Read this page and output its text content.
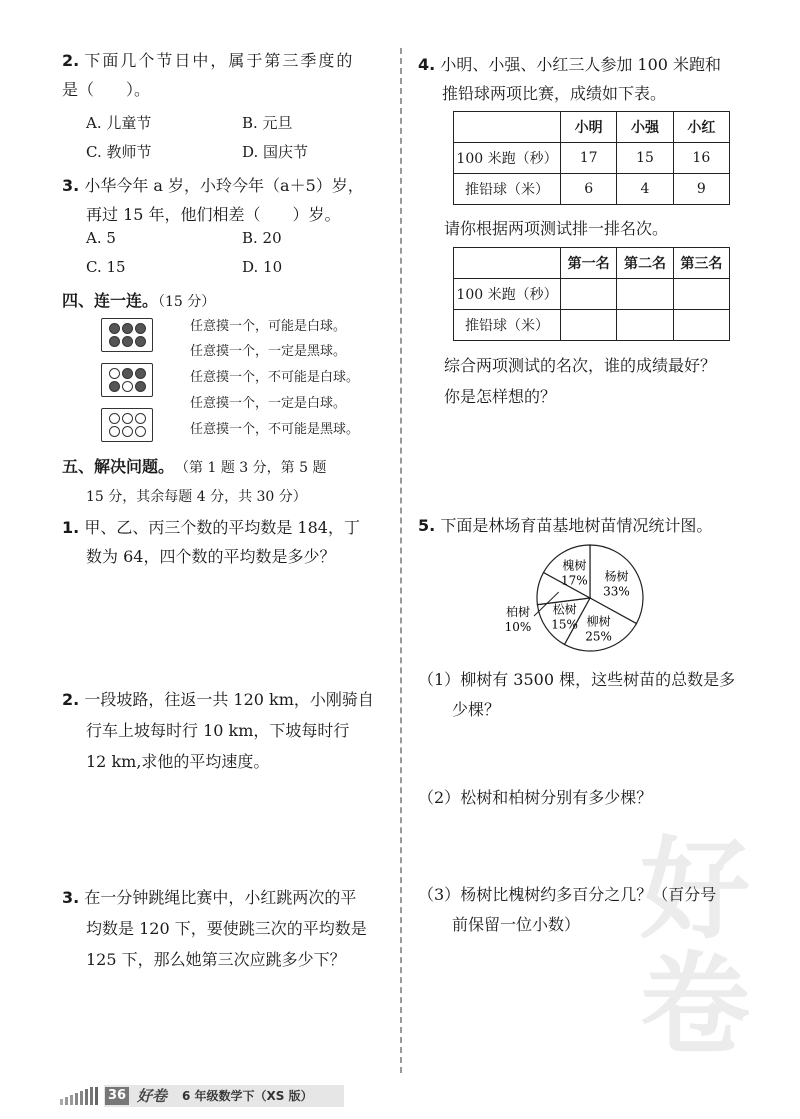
好
卷
2. 下面几个节日中，属于第三季度的
是（　　）。
A. 儿童节	B. 元旦
C. 教师节	D. 国庆节
3. 小华今年 a 岁，小玲今年（a＋5）岁，
再过 15 年，他们相差（　　）岁。
A. 5	B. 20
C. 15	D. 10
四、连一连。（15 分）
任意摸一个，可能是白球。
任意摸一个，一定是黑球。
任意摸一个，不可能是白球。
任意摸一个，一定是白球。
任意摸一个，不可能是黑球。
五、解决问题。 （第 1 题 3 分，第 5 题
15 分，其余每题 4 分，共 30 分）
1. 甲、乙、丙三个数的平均数是 184，丁
数为 64，四个数的平均数是多少？
2. 一段坡路，往返一共 120 km，小刚骑自
行车上坡每时行 10 km，下坡每时行
12 km,求他的平均速度。
3. 在一分钟跳绳比赛中，小红跳两次的平
均数是 120 下，要使跳三次的平均数是
125 下，那么她第三次应跳多少下？
4. 小明、小强、小红三人参加 100 米跑和
推铅球两项比赛，成绩如下表。
	小明	小强	小红
100 米跑（秒）	17	15	16
推铅球（米）	6	4	9
请你根据两项测试排一排名次。
	第一名	第二名	第三名
100 米跑（秒）			
推铅球（米）			
综合两项测试的名次，谁的成绩最好？
你是怎样想的？
5. 下面是林场育苗基地树苗情况统计图。
杨树
33%
柳树
25%
松树
15%
柏树
10%
槐树
17%
（1）柳树有 3500 棵，这些树苗的总数是多
少棵？
（2）松树和柏树分别有多少棵？
（3）杨树比槐树约多百分之几？（百分号
前保留一位小数）
36 好卷 6 年级数学下（XS 版）
